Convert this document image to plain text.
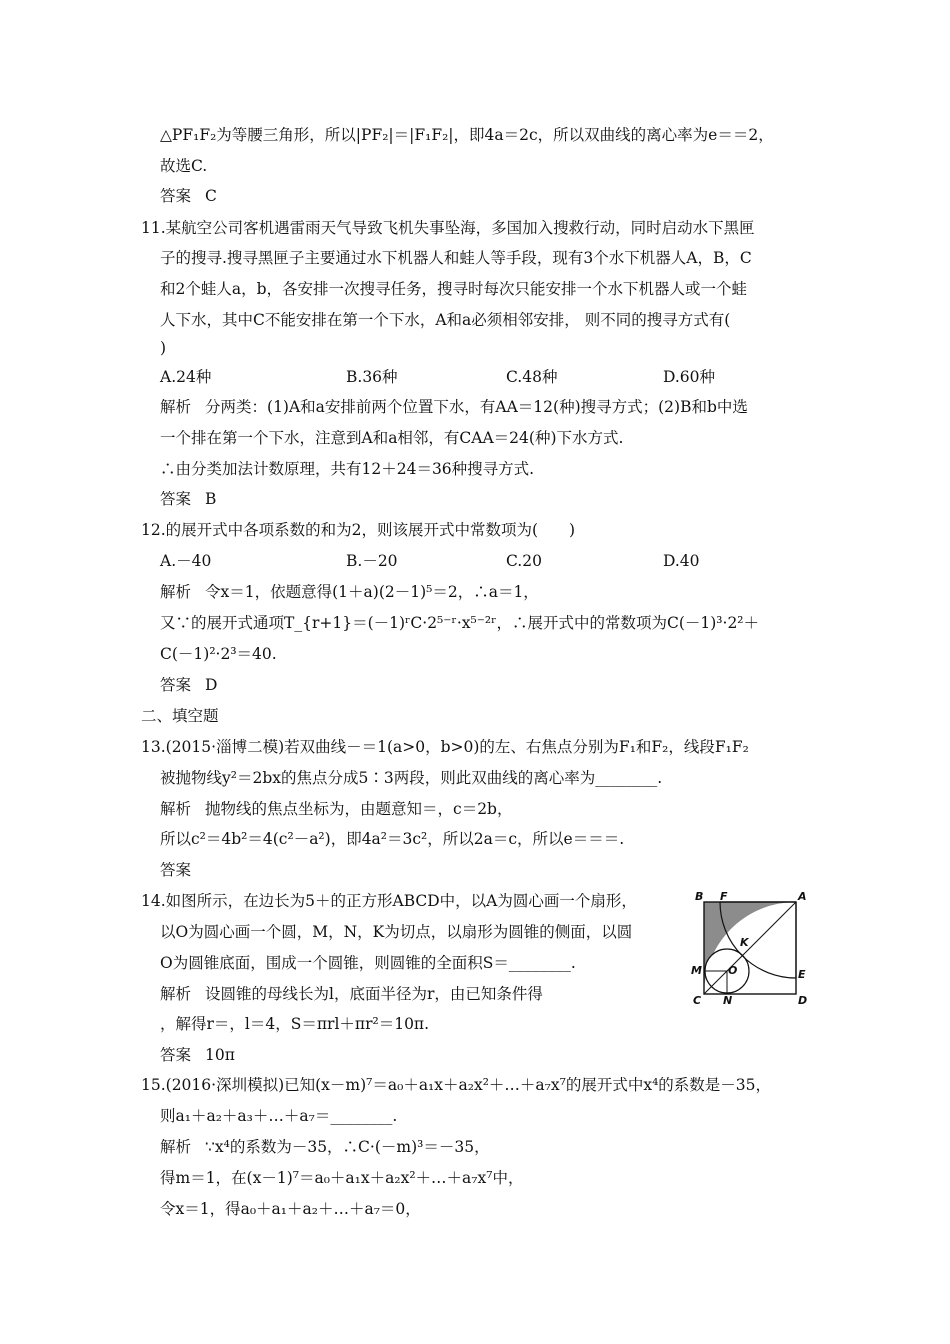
△PF₁F₂为等腰三角形，所以|PF₂|＝|F₁F₂|，即4a＝2c，所以双曲线的离心率为e＝＝2，
故选C.
答案 C
11.某航空公司客机遇雷雨天气导致飞机失事坠海，多国加入搜救行动，同时启动水下黑匣
子的搜寻.搜寻黑匣子主要通过水下机器人和蛙人等手段，现有3个水下机器人A，B，C
和2个蛙人a，b，各安排一次搜寻任务，搜寻时每次只能安排一个水下机器人或一个蛙
人下水，其中C不能安排在第一个下水，A和a必须相邻安排， 则不同的搜寻方式有(
)
A.24种	B.36种	C.48种	D.60种
解析 分两类：(1)A和a安排前两个位置下水，有AA＝12(种)搜寻方式；(2)B和b中选
一个排在第一个下水，注意到A和a相邻，有CAA＝24(种)下水方式.
∴由分类加法计数原理，共有12＋24＝36种搜寻方式.
答案 B
12.的展开式中各项系数的和为2，则该展开式中常数项为(　　)
A.－40	B.－20	C.20	D.40
解析 令x＝1，依题意得(1＋a)(2－1)⁵＝2，∴a＝1，
又∵的展开式通项T_{r+1}＝(－1)ʳC·2⁵⁻ʳ·x⁵⁻²ʳ，∴展开式中的常数项为C(－1)³·2²＋
C(－1)²·2³＝40.
答案 D
二、填空题
13.(2015·淄博二模)若双曲线－＝1(a>0，b>0)的左、右焦点分别为F₁和F₂，线段F₁F₂
被抛物线y²＝2bx的焦点分成5∶3两段，则此双曲线的离心率为________.
解析 抛物线的焦点坐标为，由题意知＝，c＝2b，
所以c²＝4b²＝4(c²－a²)，即4a²＝3c²，所以2a＝c，所以e＝＝＝.
答案
14.如图所示，在边长为5＋的正方形ABCD中，以A为圆心画一个扇形，
以O为圆心画一个圆，M，N，K为切点，以扇形为圆锥的侧面，以圆
O为圆锥底面，围成一个圆锥，则圆锥的全面积S＝________.
解析 设圆锥的母线长为l，底面半径为r，由已知条件得
，解得r＝，l＝4，S＝πrl＋πr²＝10π.
答案 10π
B F	A
K
M O	E
C N	D
15.(2016·深圳模拟)已知(x－m)⁷＝a₀＋a₁x＋a₂x²＋…＋a₇x⁷的展开式中x⁴的系数是－35，
则a₁＋a₂＋a₃＋…＋a₇＝________.
解析 ∵x⁴的系数为－35，∴C·(－m)³＝－35，
得m＝1，在(x－1)⁷＝a₀＋a₁x＋a₂x²＋…＋a₇x⁷中，
令x＝1，得a₀＋a₁＋a₂＋…＋a₇＝0，
